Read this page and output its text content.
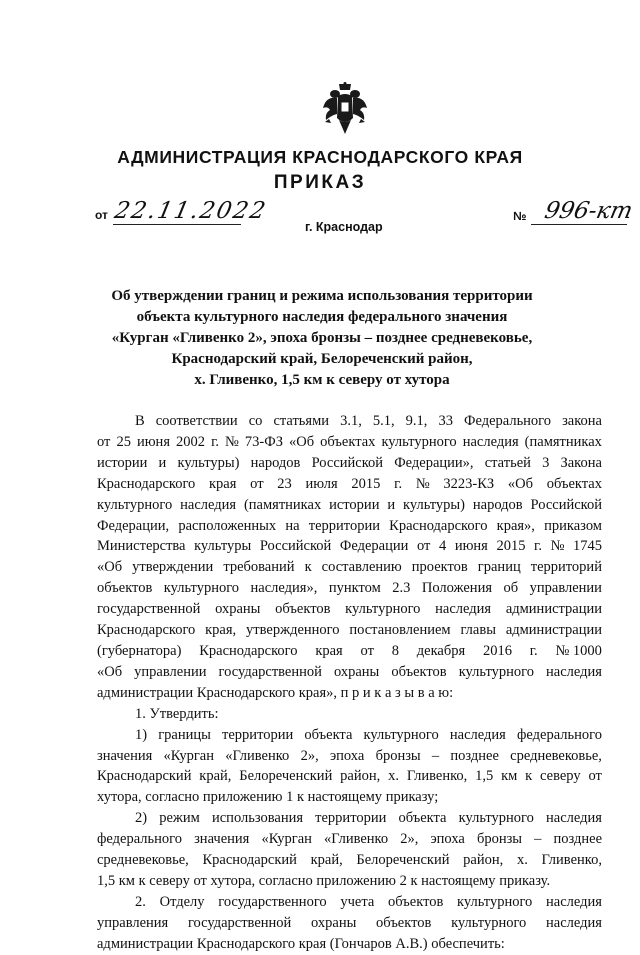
АДМИНИСТРАЦИЯ КРАСНОДАРСКОГО КРАЯ
ПРИКАЗ
от 22.11.2022
г. Краснодар
№ 996-кт
Об утверждении границ и режима использования территории
объекта культурного наследия федерального значения
«Курган «Гливенко 2», эпоха бронзы – позднее средневековье,
Краснодарский край, Белореченский район,
х. Гливенко, 1,5 км к северу от хутора
В соответствии со статьями 3.1, 5.1, 9.1, 33 Федерального закона
от 25 июня 2002 г. № 73-ФЗ «Об объектах культурного наследия (памятниках
истории и культуры) народов Российской Федерации», статьей 3 Закона
Краснодарского края от 23 июля 2015 г. № 3223-КЗ «Об объектах
культурного наследия (памятниках истории и культуры) народов Российской
Федерации, расположенных на территории Краснодарского края», приказом
Министерства культуры Российской Федерации от 4 июня 2015 г. № 1745
«Об утверждении требований к составлению проектов границ территорий
объектов культурного наследия», пунктом 2.3 Положения об управлении
государственной охраны объектов культурного наследия администрации
Краснодарского края, утвержденного постановлением главы администрации
(губернатора) Краснодарского края от 8 декабря 2016 г. № 1000
«Об управлении государственной охраны объектов культурного наследия
администрации Краснодарского края», п р и к а з ы в а ю:
1. Утвердить:
1) границы территории объекта культурного наследия федерального
значения «Курган «Гливенко 2», эпоха бронзы – позднее средневековье,
Краснодарский край, Белореченский район, х. Гливенко, 1,5 км к северу от
хутора, согласно приложению 1 к настоящему приказу;
2) режим использования территории объекта культурного наследия
федерального значения «Курган «Гливенко 2», эпоха бронзы – позднее
средневековье, Краснодарский край, Белореченский район, х. Гливенко,
1,5 км к северу от хутора, согласно приложению 2 к настоящему приказу.
2. Отделу государственного учета объектов культурного наследия
управления государственной охраны объектов культурного наследия
администрации Краснодарского края (Гончаров А.В.) обеспечить:
